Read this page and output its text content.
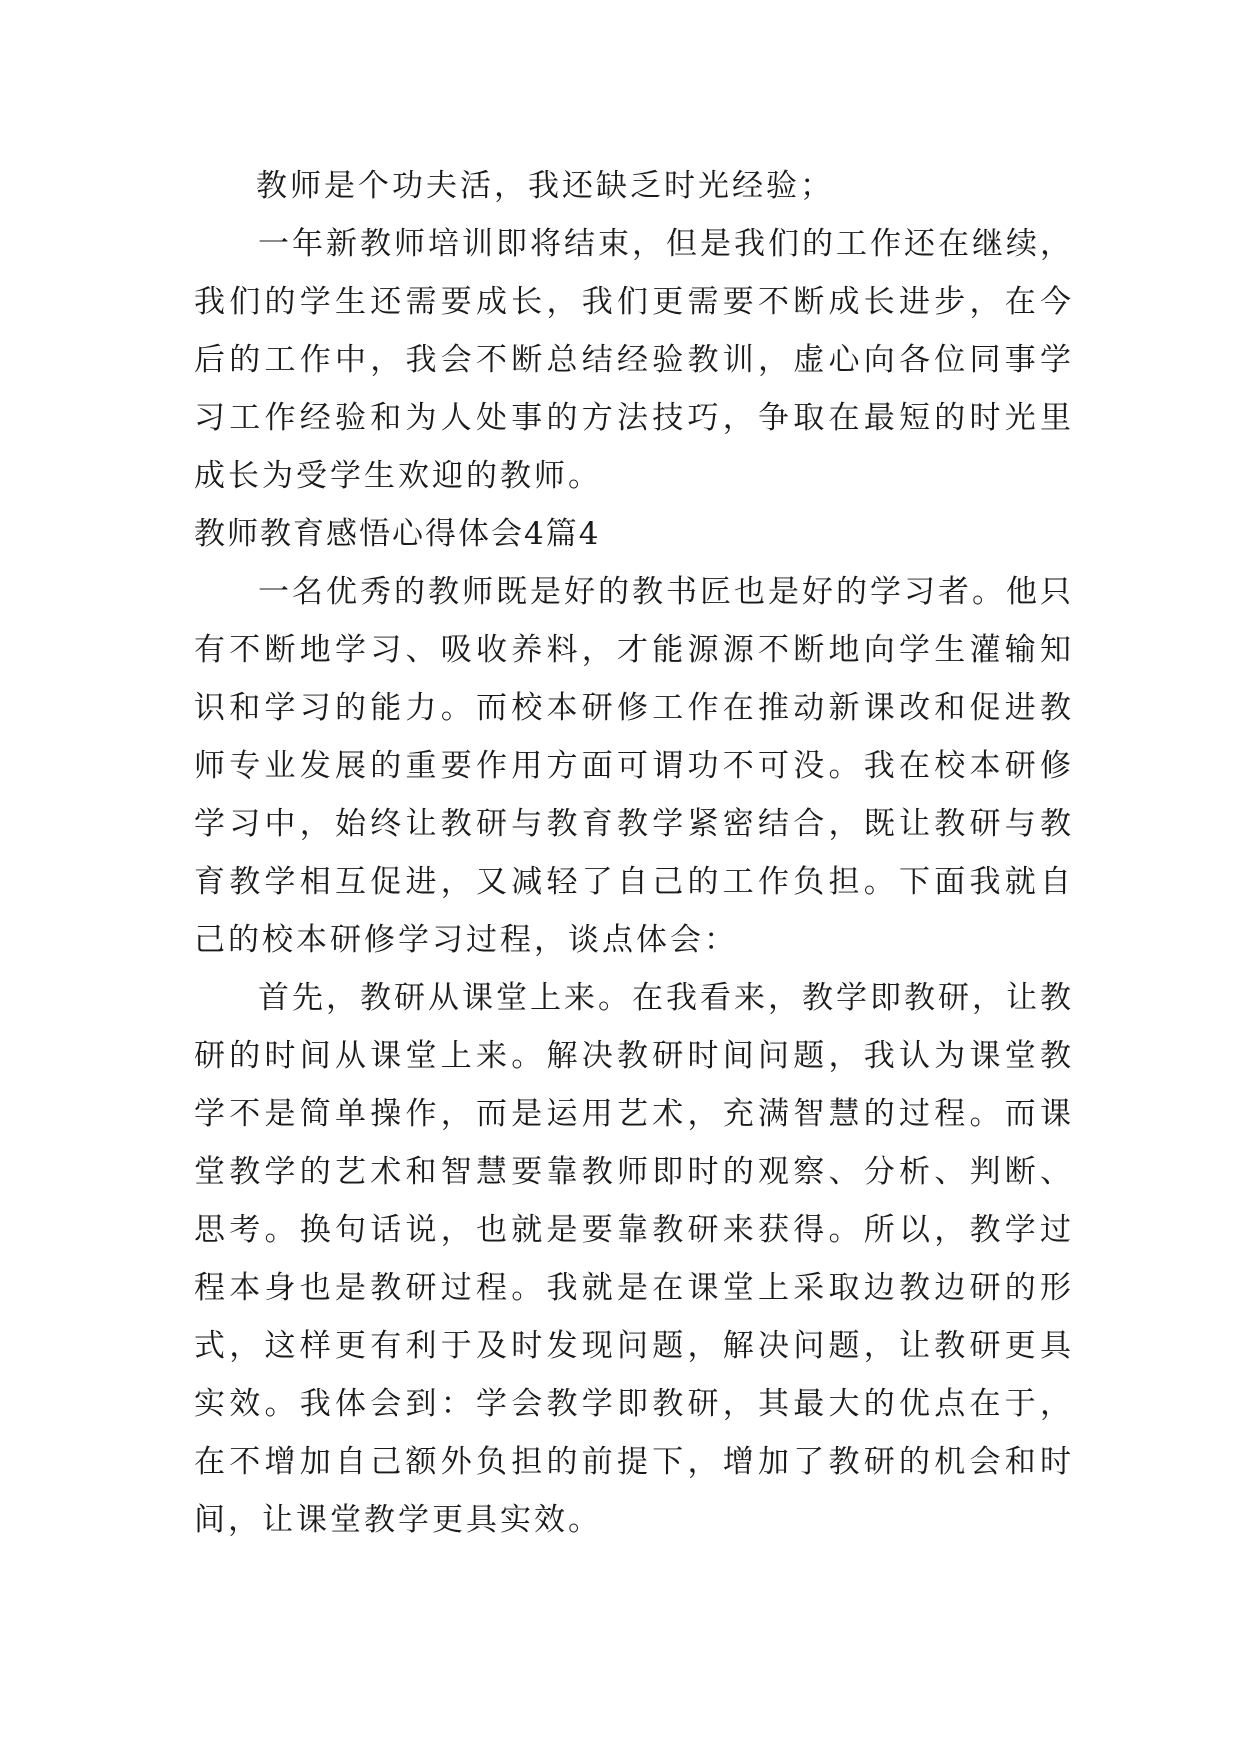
教师是个功夫活，我还缺乏时光经验；

一年新教师培训即将结束，但是我们的工作还在继续，我们的学生还需要成长，我们更需要不断成长进步，在今后的工作中，我会不断总结经验教训，虚心向各位同事学习工作经验和为人处事的方法技巧，争取在最短的时光里成长为受学生欢迎的教师。

教师教育感悟心得体会4篇4

一名优秀的教师既是好的教书匠也是好的学习者。他只有不断地学习、吸收养料，才能源源不断地向学生灌输知识和学习的能力。而校本研修工作在推动新课改和促进教师专业发展的重要作用方面可谓功不可没。我在校本研修学习中，始终让教研与教育教学紧密结合，既让教研与教育教学相互促进，又减轻了自己的工作负担。下面我就自己的校本研修学习过程，谈点体会：

首先，教研从课堂上来。在我看来，教学即教研，让教研的时间从课堂上来。解决教研时间问题，我认为课堂教学不是简单操作，而是运用艺术，充满智慧的过程。而课堂教学的艺术和智慧要靠教师即时的观察、分析、判断、思考。换句话说，也就是要靠教研来获得。所以，教学过程本身也是教研过程。我就是在课堂上采取边教边研的形式，这样更有利于及时发现问题，解决问题，让教研更具实效。我体会到：学会教学即教研，其最大的优点在于，在不增加自己额外负担的前提下，增加了教研的机会和时间，让课堂教学更具实效。
